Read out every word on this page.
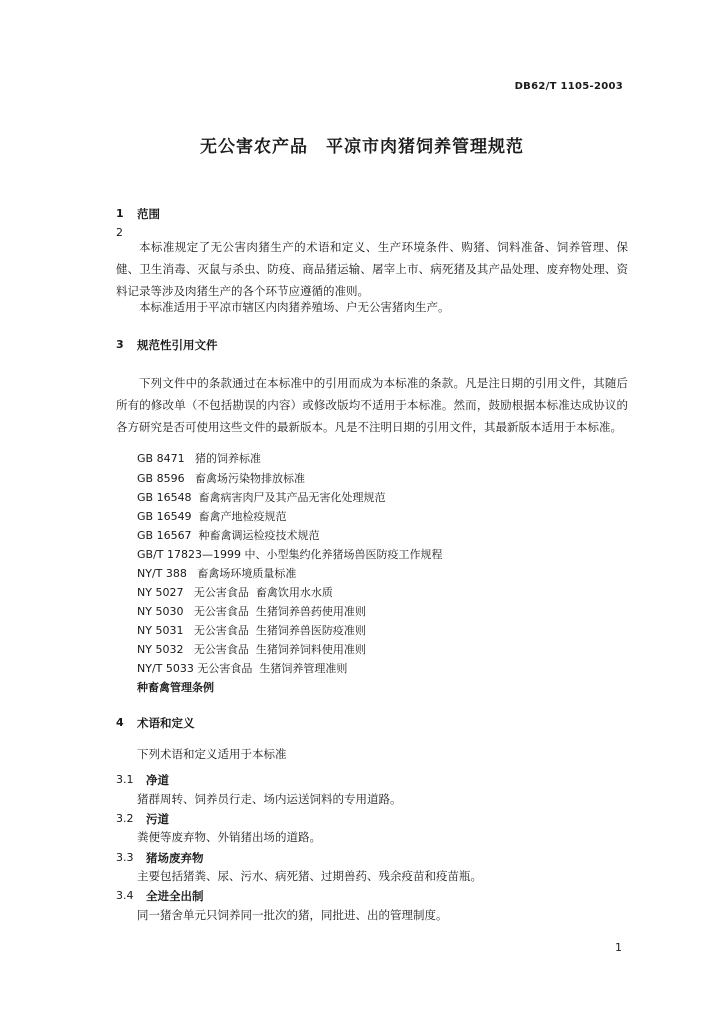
DB62/T 1105-2003
无公害农产品　平凉市肉猪饲养管理规范
1 范围
2
本标准规定了无公害肉猪生产的术语和定义、生产环境条件、购猪、饲料准备、饲养管理、保健、卫生消毒、灭鼠与杀虫、防疫、商品猪运输、屠宰上市、病死猪及其产品处理、废弃物处理、资料记录等涉及肉猪生产的各个环节应遵循的准则。
本标准适用于平凉市辖区内肉猪养殖场、户无公害猪肉生产。
3 规范性引用文件
下列文件中的条款通过在本标准中的引用而成为本标准的条款。凡是注日期的引用文件，其随后所有的修改单（不包括勘误的内容）或修改版均不适用于本标准。然而，鼓励根据本标准达成协议的各方研究是否可使用这些文件的最新版本。凡是不注明日期的引用文件，其最新版本适用于本标准。
GB 8471   猪的饲养标准
GB 8596   畜禽场污染物排放标准
GB 16548  畜禽病害肉尸及其产品无害化处理规范
GB 16549  畜禽产地检疫规范
GB 16567  种畜禽调运检疫技术规范
GB/T 17823—1999 中、小型集约化养猪场兽医防疫工作规程
NY/T 388   畜禽场环境质量标准
NY 5027   无公害食品  畜禽饮用水水质
NY 5030   无公害食品  生猪饲养兽药使用准则
NY 5031   无公害食品  生猪饲养兽医防疫准则
NY 5032   无公害食品  生猪饲养饲料使用准则
NY/T 5033 无公害食品  生猪饲养管理准则
种畜禽管理条例
4 术语和定义
下列术语和定义适用于本标准
3.1 净道
猪群周转、饲养员行走、场内运送饲料的专用道路。
3.2 污道
粪便等废弃物、外销猪出场的道路。
3.3 猪场废弃物
主要包括猪粪、尿、污水、病死猪、过期兽药、残余疫苗和疫苗瓶。
3.4 全进全出制
同一猪舍单元只饲养同一批次的猪，同批进、出的管理制度。
1
